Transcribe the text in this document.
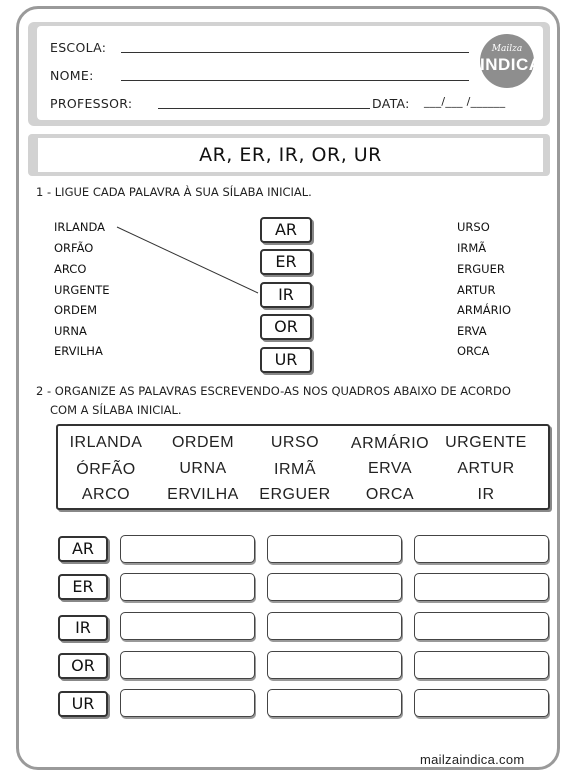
ESCOLA:
NOME:
PROFESSOR:	DATA: ___/___ /______
Mailza
INDICA
AR, ER, IR, OR, UR
1 - LIGUE CADA PALAVRA À SUA SÍLABA INICIAL.
IRLANDA
ORFÃO
ARCO
URGENTE
ORDEM
URNA
ERVILHA
AR
ER
IR
OR
UR
URSO
IRMÃ
ERGUER
ARTUR
ARMÁRIO
ERVA
ORCA
2 - ORGANIZE AS PALAVRAS ESCREVENDO-AS NOS QUADROS ABAIXO DE ACORDO
COM A SÍLABA INICIAL.
IRLANDA	ORDEM	URSO	ARMÁRIO	URGENTE
ÓRFÃO	URNA	IRMÃ	ERVA	ARTUR
ARCO	ERVILHA	ERGUER	ORCA	IR
AR
ER
IR
OR
UR
mailzaindica.com
